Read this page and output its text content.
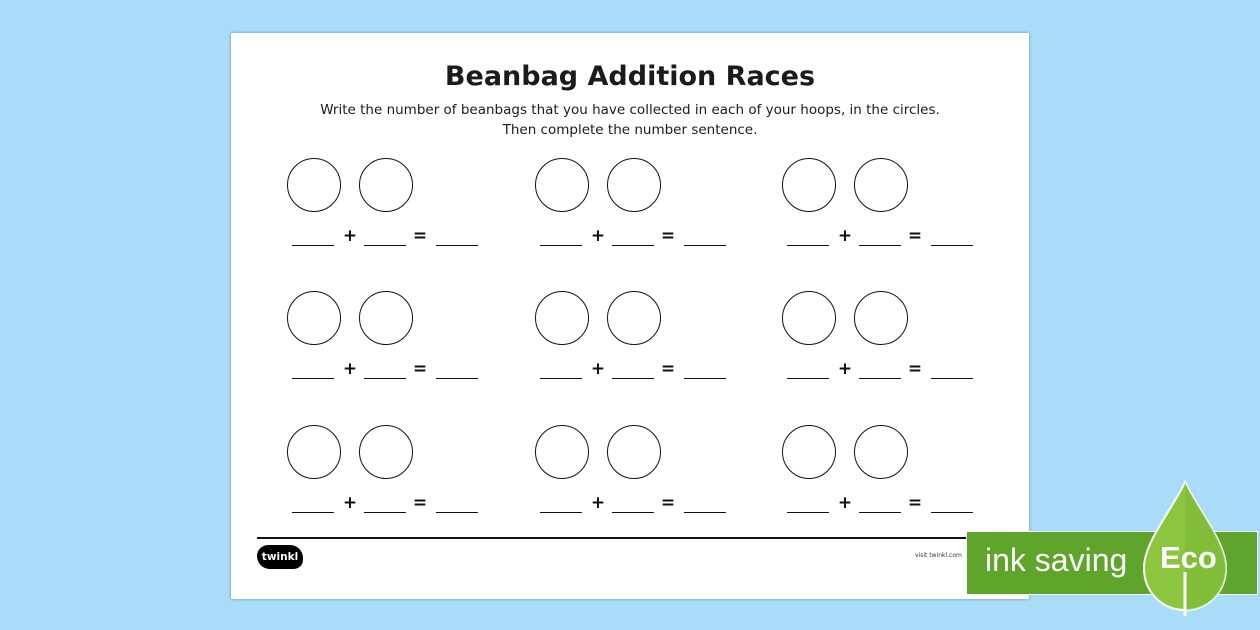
Beanbag Addition Races
Write the number of beanbags that you have collected in each of your hoops, in the circles.
Then complete the number sentence.
+	=	+	=	+	=
+	=	+	=	+	=
+	=	+	=	+	=
twinkl	visit twinkl.com ink saving Eco
